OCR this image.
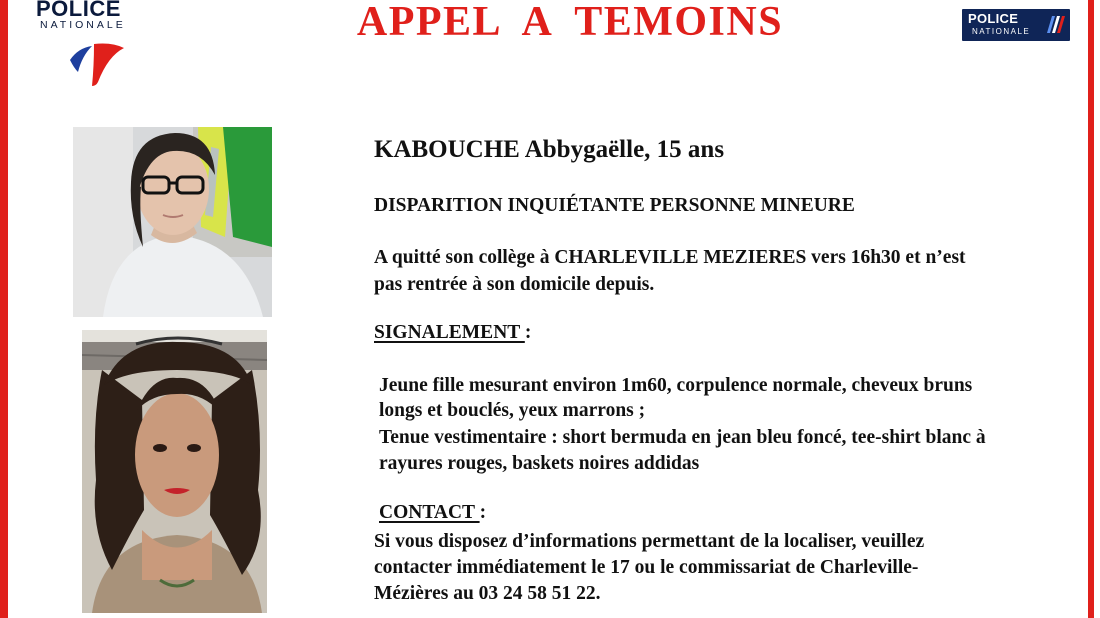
POLICE
NATIONALE	APPEL  A  TEMOINS	POLICE
NATIONALE
KABOUCHE Abbygaëlle, 15 ans
DISPARITION INQUIÉTANTE PERSONNE MINEURE
A quitté son collège à CHARLEVILLE MEZIERES vers 16h30 et n’est
pas rentrée à son domicile depuis.
SIGNALEMENT :
Jeune fille mesurant environ 1m60, corpulence normale, cheveux bruns
longs et bouclés, yeux marrons ;
Tenue vestimentaire : short bermuda en jean bleu foncé, tee-shirt blanc à
rayures rouges, baskets noires addidas
CONTACT :
Si vous disposez d’informations permettant de la localiser, veuillez
contacter immédiatement le 17 ou le commissariat de Charleville-
Mézières au 03 24 58 51 22.
